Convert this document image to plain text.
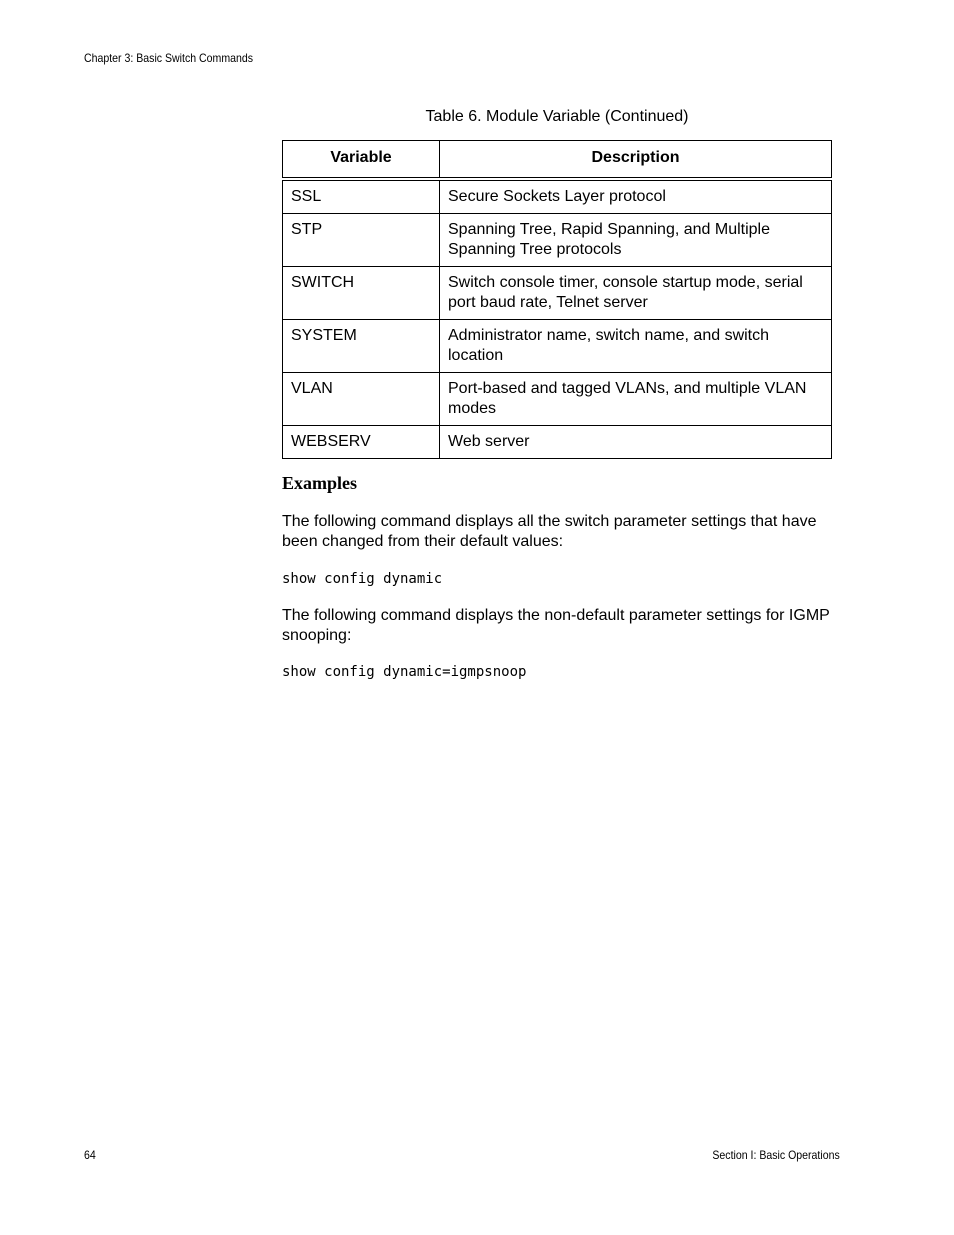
Chapter 3: Basic Switch Commands
Table 6. Module Variable (Continued)
Variable	Description
SSL	Secure Sockets Layer protocol
STP	Spanning Tree, Rapid Spanning, and Multiple Spanning Tree protocols
SWITCH	Switch console timer, console startup mode, serial port baud rate, Telnet server
SYSTEM	Administrator name, switch name, and switch location
VLAN	Port-based and tagged VLANs, and multiple VLAN modes
WEBSERV	Web server
Examples
The following command displays all the switch parameter settings that have been changed from their default values:
show config dynamic
The following command displays the non-default parameter settings for IGMP snooping:
show config dynamic=igmpsnoop
64	Section I: Basic Operations
